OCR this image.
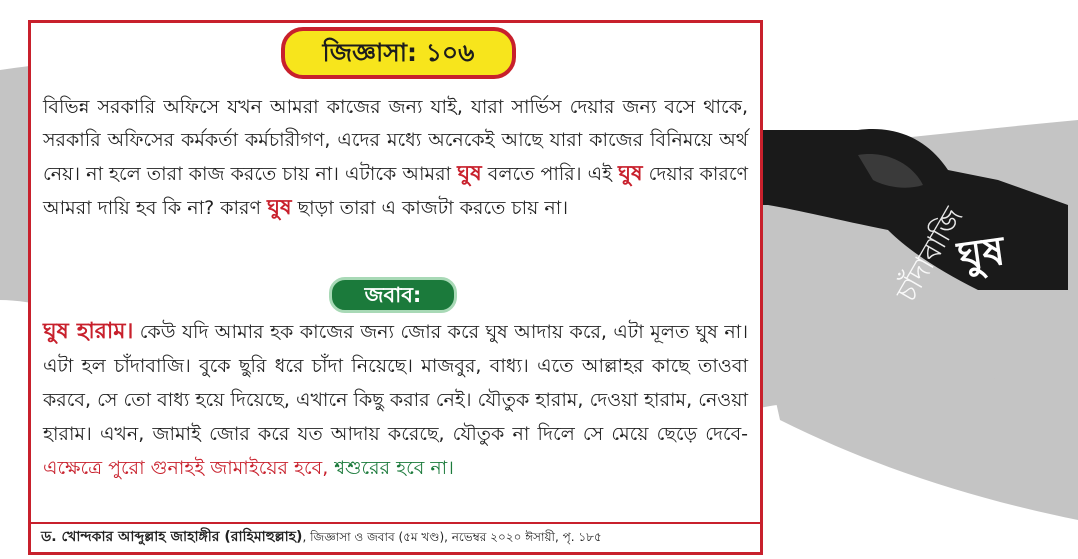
ঘুষ
চাঁদাবাজি
জিজ্ঞাসা: ১০৬
বিভিন্ন সরকারি অফিসে যখন আমরা কাজের জন্য যাই, যারা সার্ভিস দেয়ার জন্য বসে থাকে, সরকারি অফিসের কর্মকর্তা কর্মচারীগণ, এদের মধ্যে অনেকেই আছে যারা কাজের বিনিময়ে অর্থ নেয়। না হলে তারা কাজ করতে চায় না। এটাকে আমরা ঘুষ বলতে পারি। এই ঘুষ দেয়ার কারণে আমরা দায়ি হব কি না? কারণ ঘুষ ছাড়া তারা এ কাজটা করতে চায় না।
জবাব:
ঘুষ হারাম। কেউ যদি আমার হক কাজের জন্য জোর করে ঘুষ আদায় করে, এটা মূলত ঘুষ না। এটা হল চাঁদাবাজি। বুকে ছুরি ধরে চাঁদা নিয়েছে। মাজবুর, বাধ্য। এতে আল্লাহর কাছে তাওবা করবে, সে তো বাধ্য হয়ে দিয়েছে, এখানে কিছু করার নেই। যৌতুক হারাম, দেওয়া হারাম, নেওয়া হারাম। এখন, জামাই জোর করে যত আদায় করেছে, যৌতুক না দিলে সে মেয়ে ছেড়ে দেবে- এক্ষেত্রে পুরো গুনাহই জামাইয়ের হবে, শ্বশুরের হবে না।
ড. খোন্দকার আব্দুল্লাহ জাহাঙ্গীর (রাহিমাহুল্লাহ), জিজ্ঞাসা ও জবাব (৫ম খণ্ড), নভেম্বর ২০২০ ঈসায়ী, পৃ. ১৮৫
